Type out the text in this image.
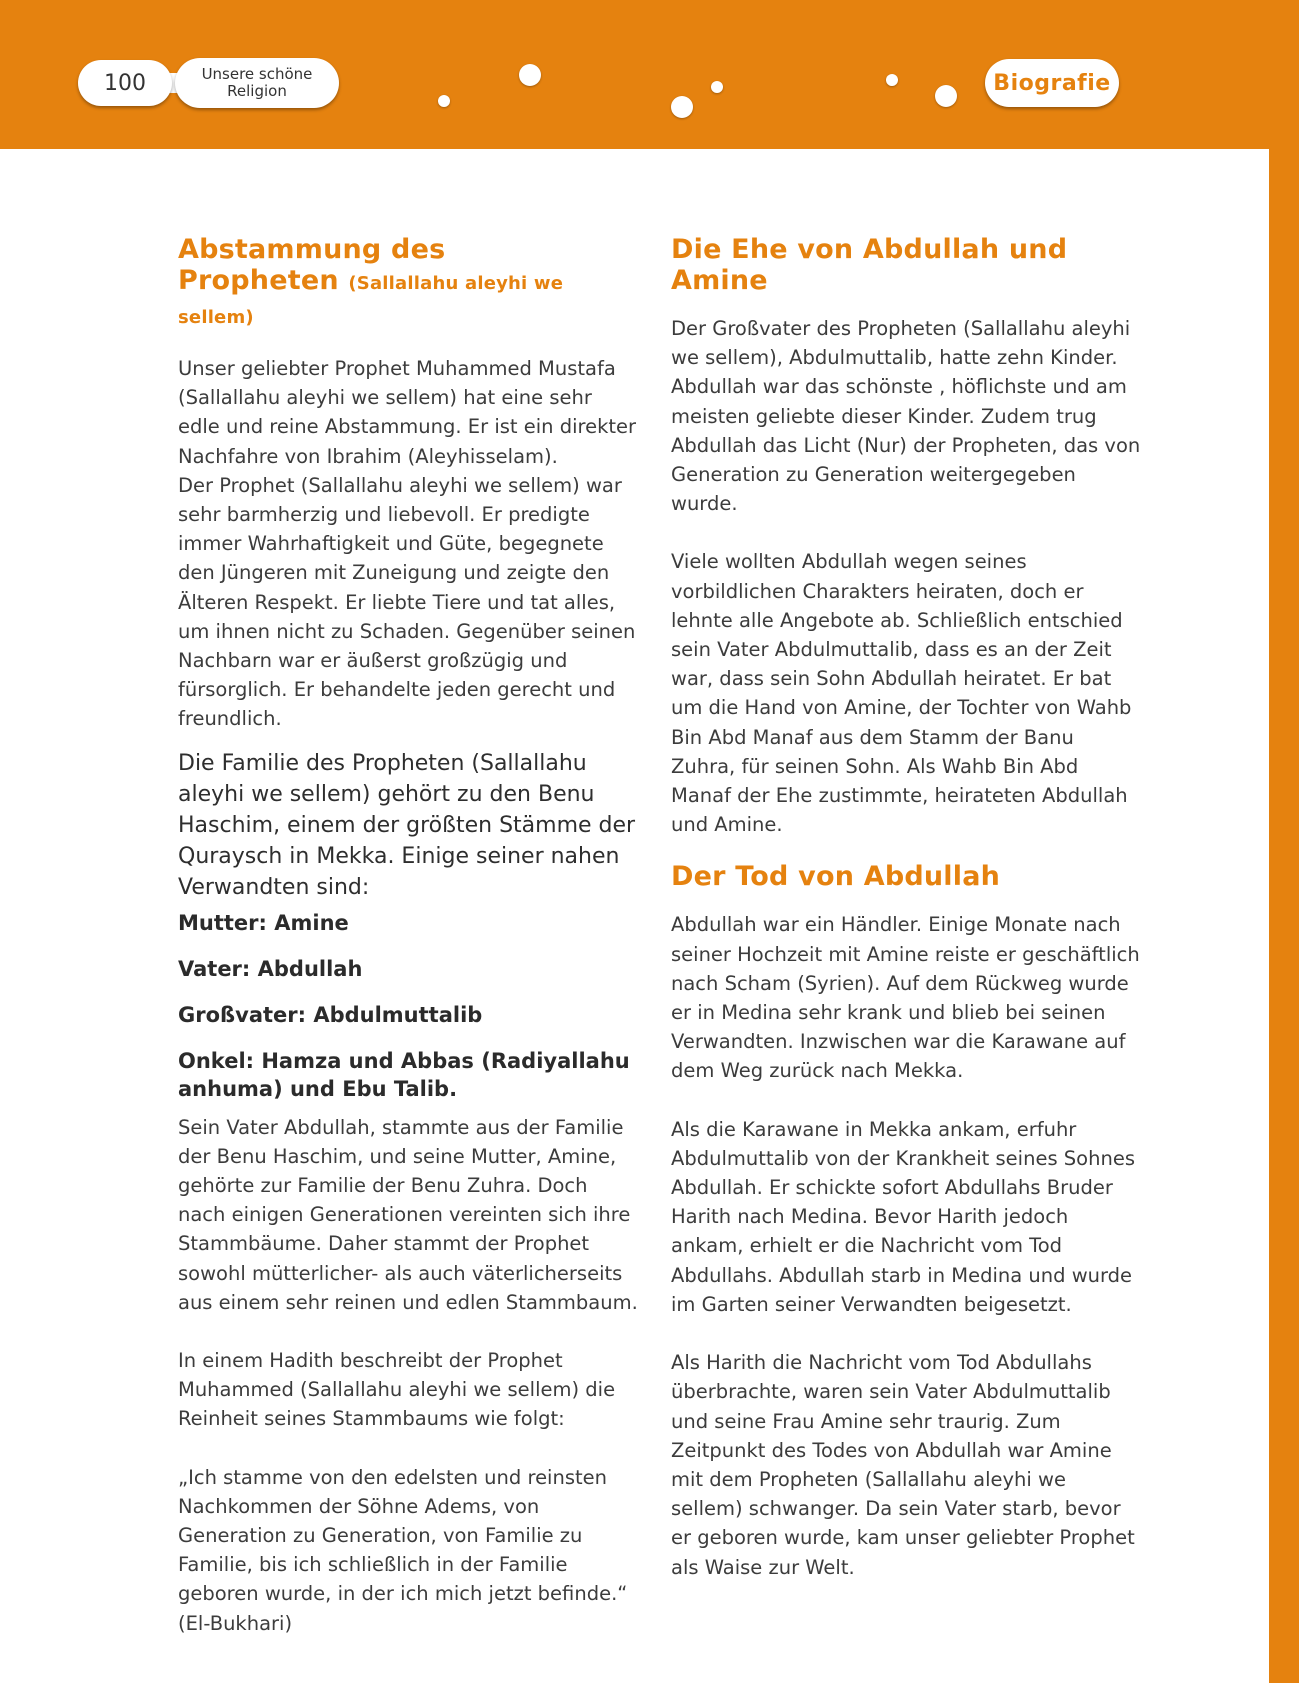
100	Unsere schöne
Religion	Biografie
Abstammung des
Propheten (Sallallahu aleyhi we sellem)

Unser geliebter Prophet Muhammed Mustafa (Sallallahu aleyhi we sellem) hat eine sehr edle und reine Abstammung. Er ist ein direkter Nachfahre von Ibrahim (Aleyhisselam).

Der Prophet (Sallallahu aleyhi we sellem) war sehr barmherzig und liebevoll. Er predigte immer Wahrhaftigkeit und Güte, begegnete den Jüngeren mit Zuneigung und zeigte den Älteren Respekt. Er liebte Tiere und tat alles, um ihnen nicht zu Schaden. Gegenüber seinen Nachbarn war er äußerst großzügig und fürsorglich. Er behandelte jeden gerecht und freundlich.

Die Familie des Propheten (Sallallahu aleyhi we sellem) gehört zu den Benu Haschim, einem der größten Stämme der Quraysch in Mekka. Einige seiner nahen Verwandten sind:

Mutter: Amine

Vater: Abdullah

Großvater: Abdulmuttalib

Onkel: Hamza und Abbas (Radiyallahu anhuma) und Ebu Talib.

Sein Vater Abdullah, stammte aus der Familie der Benu Haschim, und seine Mutter, Amine, gehörte zur Familie der Benu Zuhra. Doch nach einigen Generationen vereinten sich ihre Stammbäume. Daher stammt der Prophet sowohl mütterlicher- als auch väterlicherseits aus einem sehr reinen und edlen Stammbaum.

In einem Hadith beschreibt der Prophet Muhammed (Sallallahu aleyhi we sellem) die Reinheit seines Stammbaums wie folgt:

„Ich stamme von den edelsten und reinsten Nachkommen der Söhne Adems, von Generation zu Generation, von Familie zu Familie, bis ich schließlich in der Familie geboren wurde, in der ich mich jetzt befinde.“ (El-Bukhari)

Die Ehe von Abdullah und Amine

Der Großvater des Propheten (Sallallahu aleyhi we sellem), Abdulmuttalib, hatte zehn Kinder. Abdullah war das schönste , höflichste und am meisten geliebte dieser Kinder. Zudem trug Abdullah das Licht (Nur) der Propheten, das von Generation zu Generation weitergegeben wurde.

Viele wollten Abdullah wegen seines vorbildlichen Charakters heiraten, doch er lehnte alle Angebote ab. Schließlich entschied sein Vater Abdulmuttalib, dass es an der Zeit war, dass sein Sohn Abdullah heiratet. Er bat um die Hand von Amine, der Tochter von Wahb Bin Abd Manaf aus dem Stamm der Banu Zuhra, für seinen Sohn. Als Wahb Bin Abd Manaf der Ehe zustimmte, heirateten Abdullah und Amine.

Der Tod von Abdullah

Abdullah war ein Händler. Einige Monate nach seiner Hochzeit mit Amine reiste er geschäftlich nach Scham (Syrien). Auf dem Rückweg wurde er in Medina sehr krank und blieb bei seinen Verwandten. Inzwischen war die Karawane auf dem Weg zurück nach Mekka.

Als die Karawane in Mekka ankam, erfuhr Abdulmuttalib von der Krankheit seines Sohnes Abdullah. Er schickte sofort Abdullahs Bruder Harith nach Medina. Bevor Harith jedoch ankam, erhielt er die Nachricht vom Tod Abdullahs. Abdullah starb in Medina und wurde im Garten seiner Verwandten beigesetzt.

Als Harith die Nachricht vom Tod Abdullahs überbrachte, waren sein Vater Abdulmuttalib und seine Frau Amine sehr traurig. Zum Zeitpunkt des Todes von Abdullah war Amine mit dem Propheten (Sallallahu aleyhi we sellem) schwanger. Da sein Vater starb, bevor er geboren wurde, kam unser geliebter Prophet als Waise zur Welt.
